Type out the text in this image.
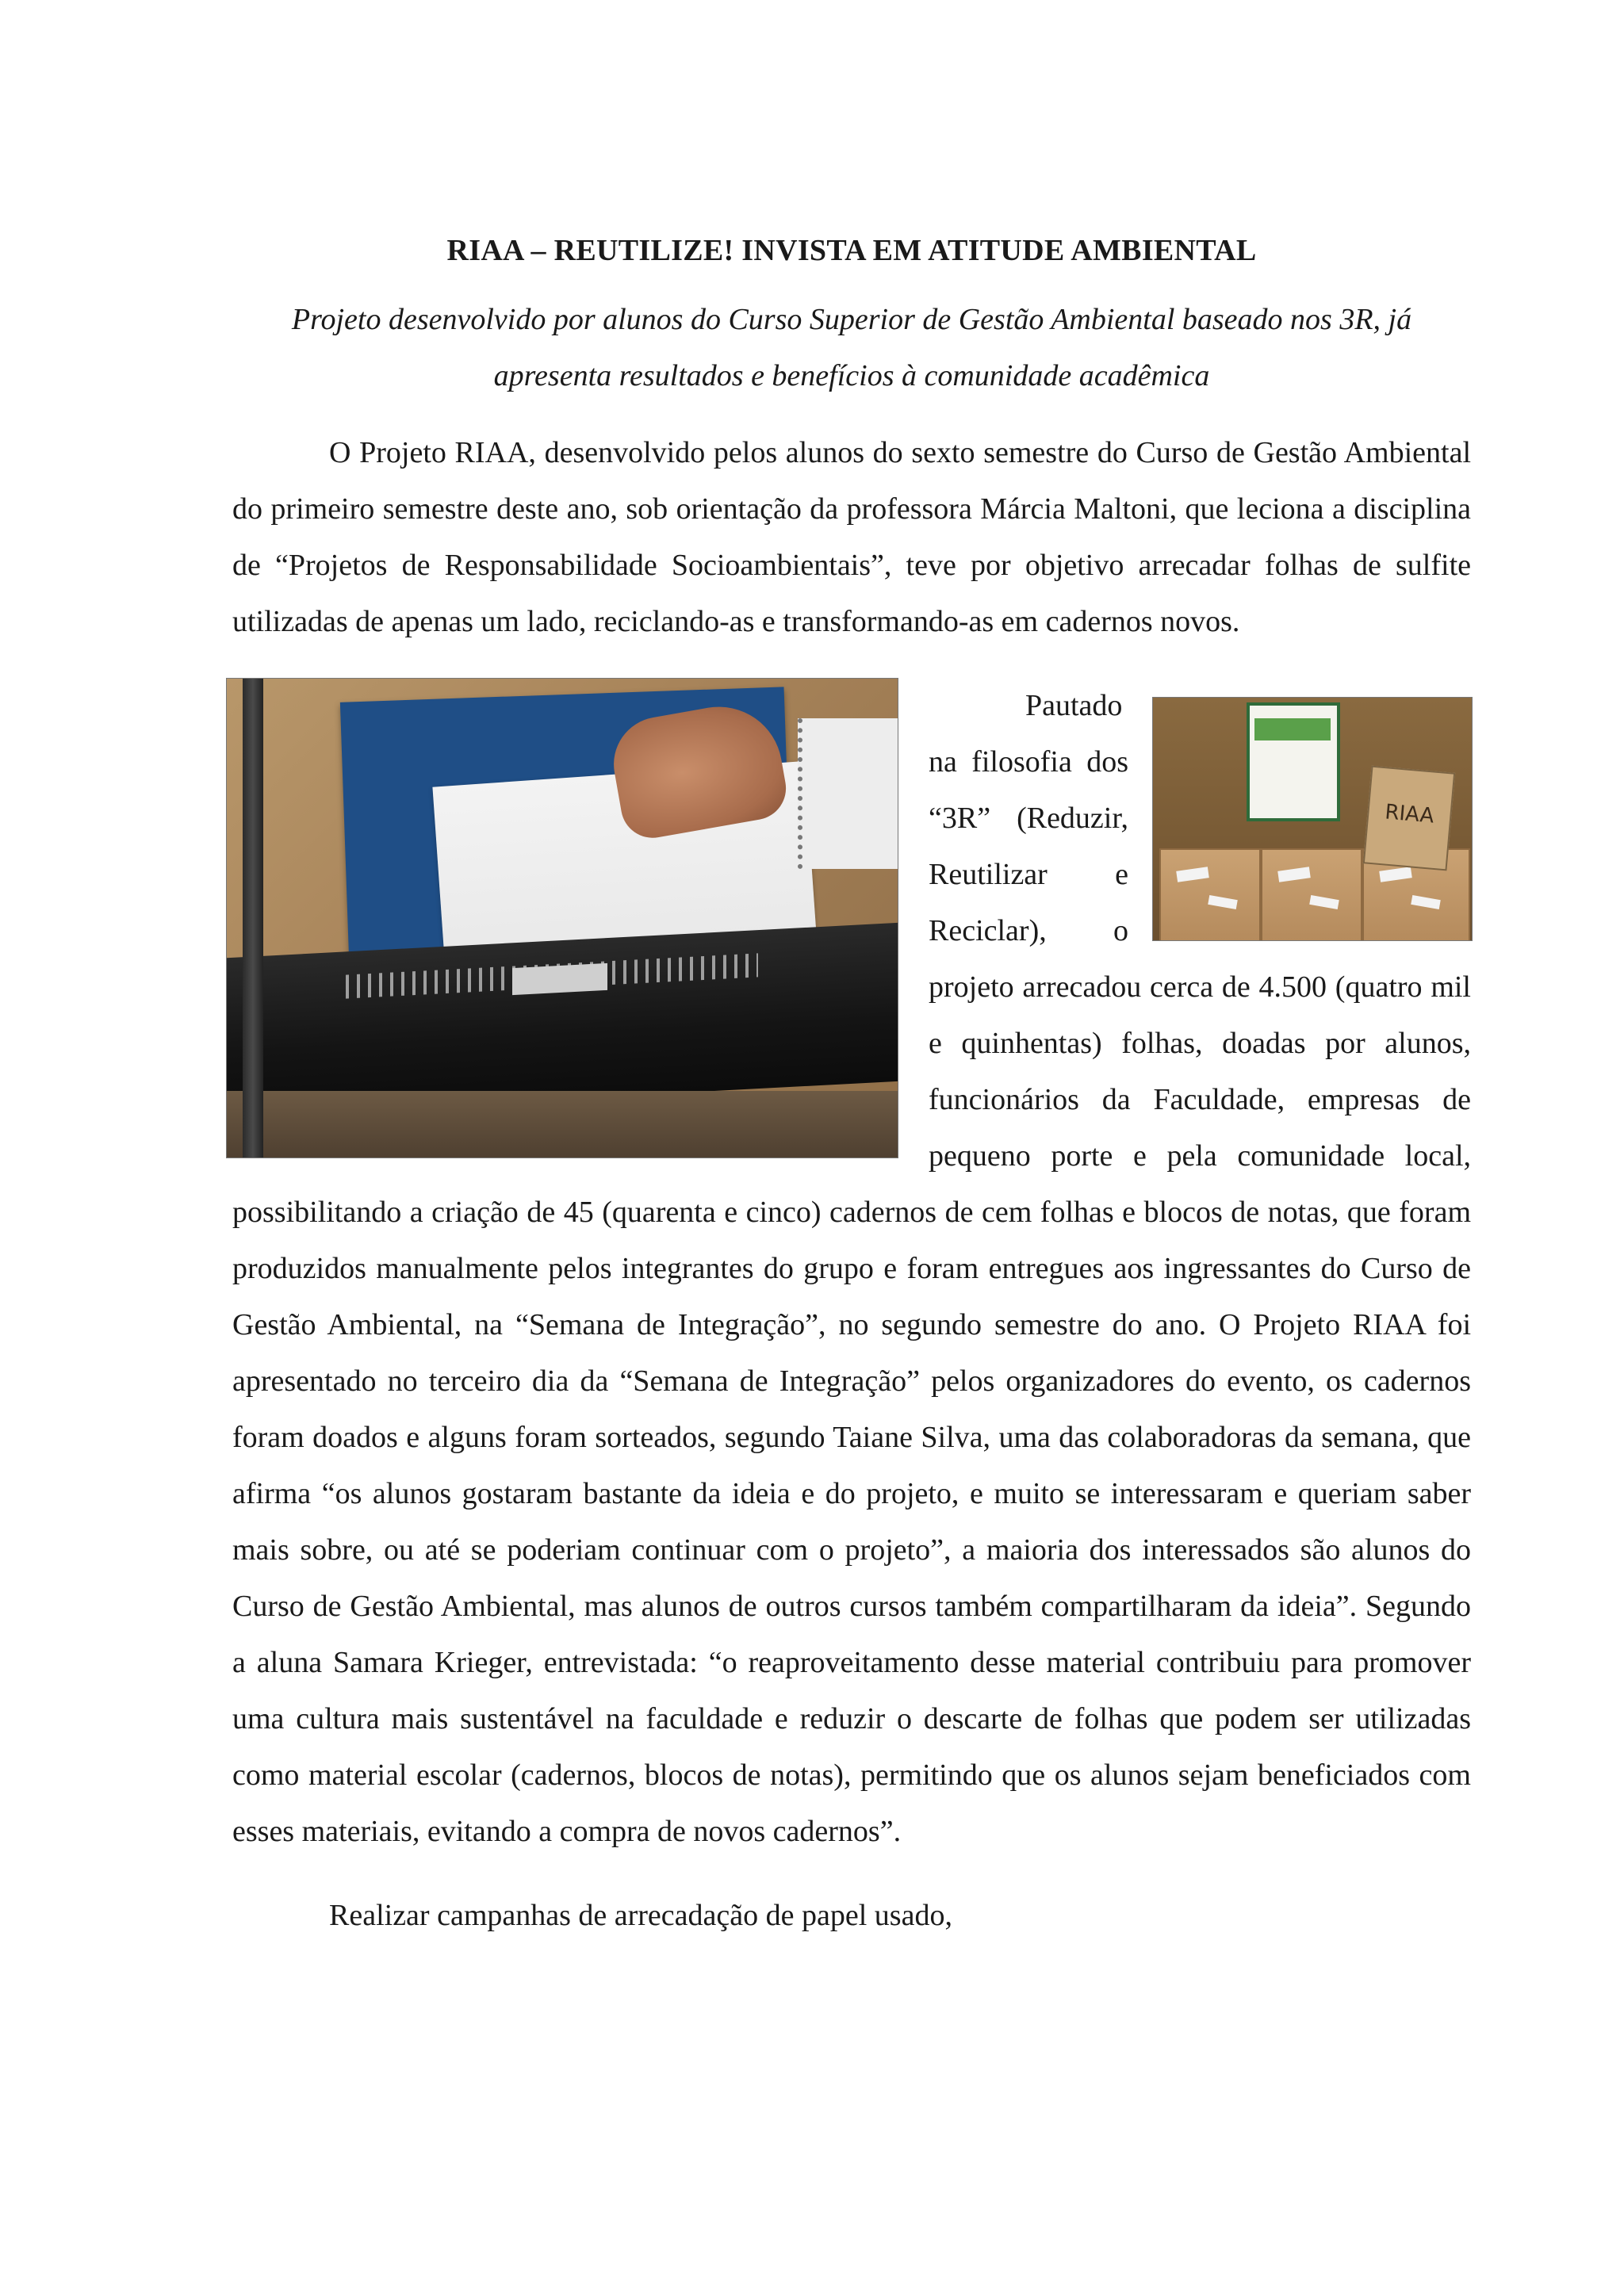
RIAA – REUTILIZE! INVISTA EM ATITUDE AMBIENTAL

Projeto desenvolvido por alunos do Curso Superior de Gestão Ambiental baseado nos 3R, já apresenta resultados e benefícios à comunidade acadêmica

O Projeto RIAA, desenvolvido pelos alunos do sexto semestre do Curso de Gestão Ambiental do primeiro semestre deste ano, sob orientação da professora Márcia Maltoni, que leciona a disciplina de “Projetos de Responsabilidade Socioambientais”, teve por objetivo arrecadar folhas de sulfite utilizadas de apenas um lado, reciclando-as e transformando-as em cadernos novos.

RIAA

Pautado na filosofia dos “3R” (Reduzir, Reutilizar e Reciclar), o projeto arrecadou cerca de 4.500 (quatro mil e quinhentas) folhas, doadas por alunos, funcionários da Faculdade, empresas de pequeno porte e pela comunidade local, possibilitando a criação de 45 (quarenta e cinco) cadernos de cem folhas e blocos de notas, que foram produzidos manualmente pelos integrantes do grupo e foram entregues aos ingressantes do Curso de Gestão Ambiental, na “Semana de Integração”, no segundo semestre do ano. O Projeto RIAA foi apresentado no terceiro dia da “Semana de Integração” pelos organizadores do evento, os cadernos foram doados e alguns foram sorteados, segundo Taiane Silva, uma das colaboradoras da semana, que afirma “os alunos gostaram bastante da ideia e do projeto, e muito se interessaram e queriam saber mais sobre, ou até se poderiam continuar com o projeto”, a maioria dos interessados são alunos do Curso de Gestão Ambiental, mas alunos de outros cursos também compartilharam da ideia”. Segundo a aluna Samara Krieger, entrevistada: “o reaproveitamento desse material contribuiu para promover uma cultura mais sustentável na faculdade e reduzir o descarte de folhas que podem ser utilizadas como material escolar (cadernos, blocos de notas), permitindo que os alunos sejam beneficiados com esses materiais, evitando a compra de novos cadernos”.

Realizar campanhas de arrecadação de papel usado,
